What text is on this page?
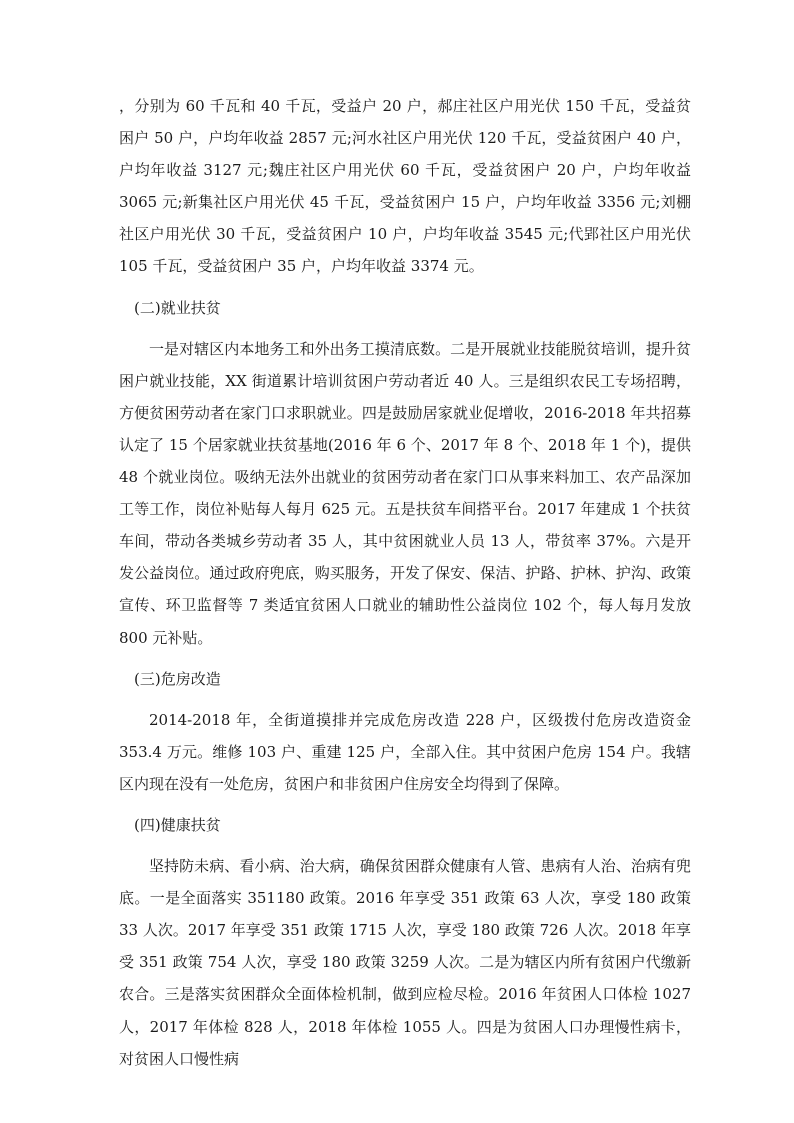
，分别为 60 千瓦和 40 千瓦，受益户 20 户，郝庄社区户用光伏 150 千瓦，受益贫困户 50 户，户均年收益 2857 元;河水社区户用光伏 120 千瓦，受益贫困户 40 户，户均年收益 3127 元;魏庄社区户用光伏 60 千瓦，受益贫困户 20 户，户均年收益 3065 元;新集社区户用光伏 45 千瓦，受益贫困户 15 户，户均年收益 3356 元;刘棚社区户用光伏 30 千瓦，受益贫困户 10 户，户均年收益 3545 元;代郢社区户用光伏 105 千瓦，受益贫困户 35 户，户均年收益 3374 元。

(二)就业扶贫

一是对辖区内本地务工和外出务工摸清底数。二是开展就业技能脱贫培训，提升贫困户就业技能，XX 街道累计培训贫困户劳动者近 40 人。三是组织农民工专场招聘，方便贫困劳动者在家门口求职就业。四是鼓励居家就业促增收，2016-2018 年共招募认定了 15 个居家就业扶贫基地(2016 年 6 个、2017 年 8 个、2018 年 1 个)，提供 48 个就业岗位。吸纳无法外出就业的贫困劳动者在家门口从事来料加工、农产品深加工等工作，岗位补贴每人每月 625 元。五是扶贫车间搭平台。2017 年建成 1 个扶贫车间，带动各类城乡劳动者 35 人，其中贫困就业人员 13 人，带贫率 37%。六是开发公益岗位。通过政府兜底，购买服务，开发了保安、保洁、护路、护林、护沟、政策宣传、环卫监督等 7 类适宜贫困人口就业的辅助性公益岗位 102 个，每人每月发放 800 元补贴。

(三)危房改造

2014-2018 年，全街道摸排并完成危房改造 228 户，区级拨付危房改造资金 353.4 万元。维修 103 户、重建 125 户，全部入住。其中贫困户危房 154 户。我辖区内现在没有一处危房，贫困户和非贫困户住房安全均得到了保障。

(四)健康扶贫

坚持防未病、看小病、治大病，确保贫困群众健康有人管、患病有人治、治病有兜底。一是全面落实 351180 政策。2016 年享受 351 政策 63 人次，享受 180 政策 33 人次。2017 年享受 351 政策 1715 人次，享受 180 政策 726 人次。2018 年享受 351 政策 754 人次，享受 180 政策 3259 人次。二是为辖区内所有贫困户代缴新农合。三是落实贫困群众全面体检机制，做到应检尽检。2016 年贫困人口体检 1027 人，2017 年体检 828 人，2018 年体检 1055 人。四是为贫困人口办理慢性病卡，对贫困人口慢性病
